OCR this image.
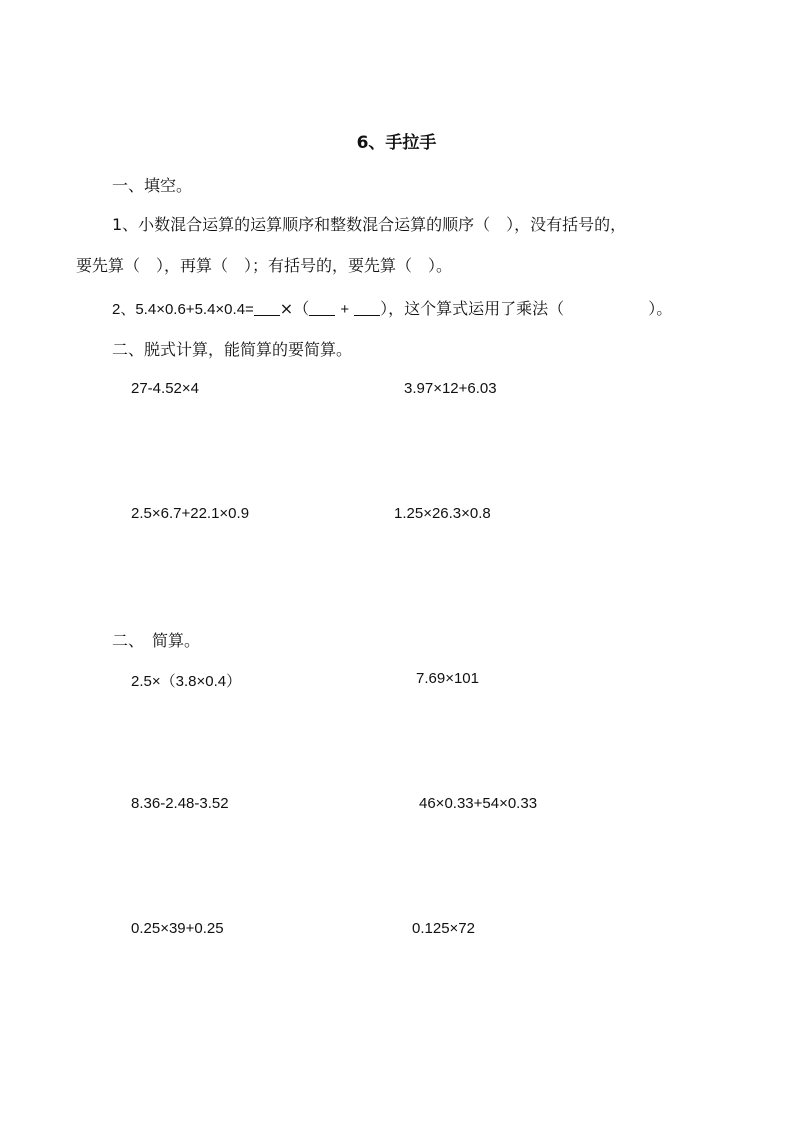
6、手拉手
一、填空。
1、小数混合运算的运算顺序和整数混合运算的顺序（　），没有括号的，
要先算（　），再算（　）；有括号的，要先算（　）。
2、5.4×0.6+5.4×0.4= ×（ + ），这个算式运用了乘法（	）。
二、脱式计算，能简算的要简算。
27-4.52×4	3.97×12+6.03
2.5×6.7+22.1×0.9	1.25×26.3×0.8
二、　简算。
2.5×（3.8×0.4）	7.69×101
8.36-2.48-3.52	46×0.33+54×0.33
0.25×39+0.25	0.125×72
